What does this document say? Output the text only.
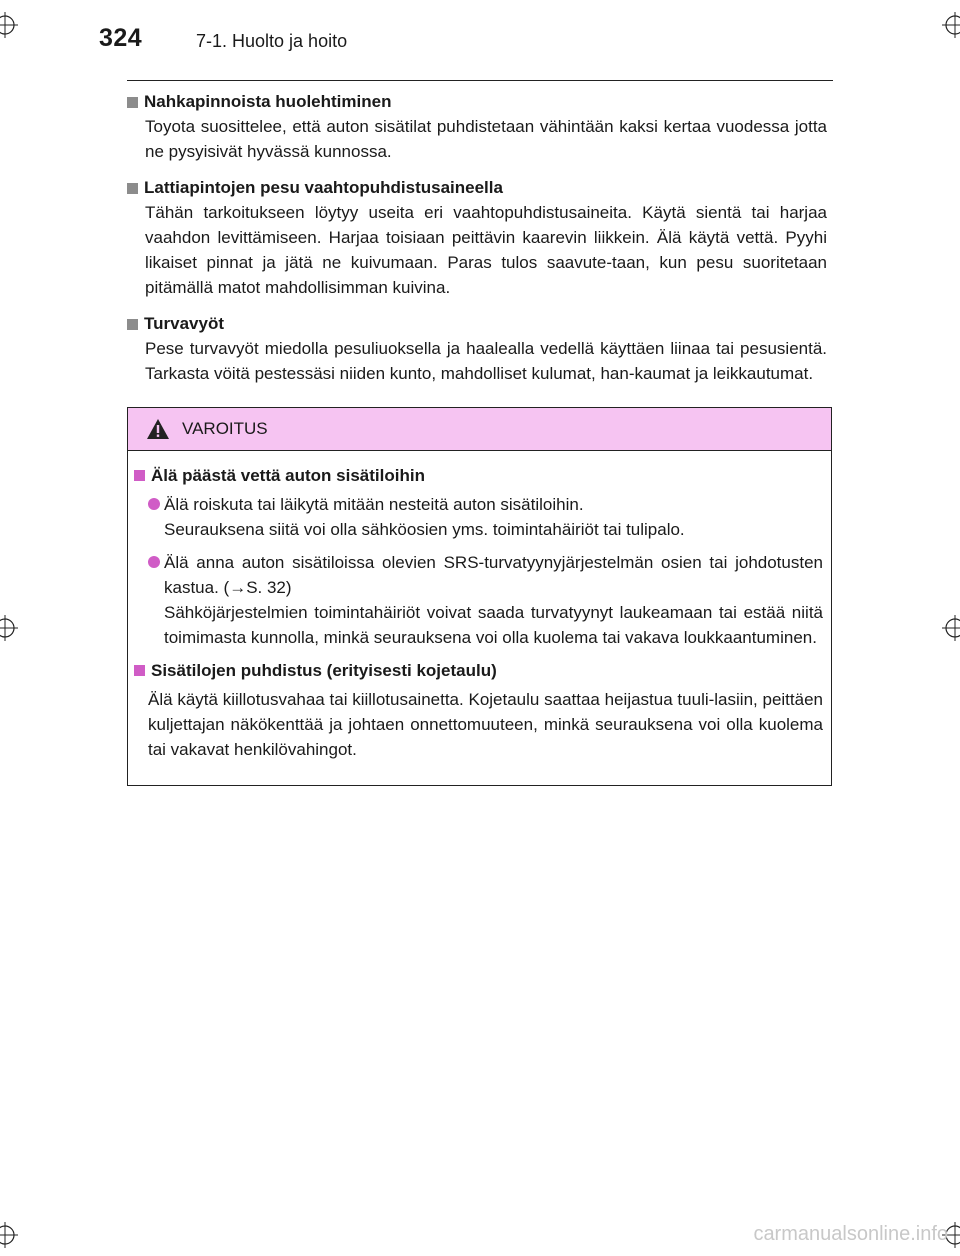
324	7-1. Huolto ja hoito
Nahkapinnoista huolehtiminen
Toyota suosittelee, että auton sisätilat puhdistetaan vähintään kaksi kertaa vuodessa jotta ne pysyisivät hyvässä kunnossa.
Lattiapintojen pesu vaahtopuhdistusaineella
Tähän tarkoitukseen löytyy useita eri vaahtopuhdistusaineita. Käytä sientä tai harjaa vaahdon levittämiseen. Harjaa toisiaan peittävin kaarevin liikkein. Älä käytä vettä. Pyyhi likaiset pinnat ja jätä ne kuivumaan. Paras tulos saavute-taan, kun pesu suoritetaan pitämällä matot mahdollisimman kuivina.
Turvavyöt
Pese turvavyöt miedolla pesuliuoksella ja haalealla vedellä käyttäen liinaa tai pesusientä. Tarkasta vöitä pestessäsi niiden kunto, mahdolliset kulumat, han-kaumat ja leikkautumat.
VAROITUS
Älä päästä vettä auton sisätiloihin
Älä roiskuta tai läikytä mitään nesteitä auton sisätiloihin.
Seurauksena siitä voi olla sähköosien yms. toimintahäiriöt tai tulipalo.
Älä anna auton sisätiloissa olevien SRS-turvatyynyjärjestelmän osien tai johdotusten kastua. (→S. 32)
Sähköjärjestelmien toimintahäiriöt voivat saada turvatyynyt laukeamaan tai estää niitä toimimasta kunnolla, minkä seurauksena voi olla kuolema tai vakava loukkaantuminen.
Sisätilojen puhdistus (erityisesti kojetaulu)
Älä käytä kiillotusvahaa tai kiillotusainetta. Kojetaulu saattaa heijastua tuuli-lasiin, peittäen kuljettajan näkökenttää ja johtaen onnettomuuteen, minkä seurauksena voi olla kuolema tai vakavat henkilövahingot.
carmanualsonline.info
